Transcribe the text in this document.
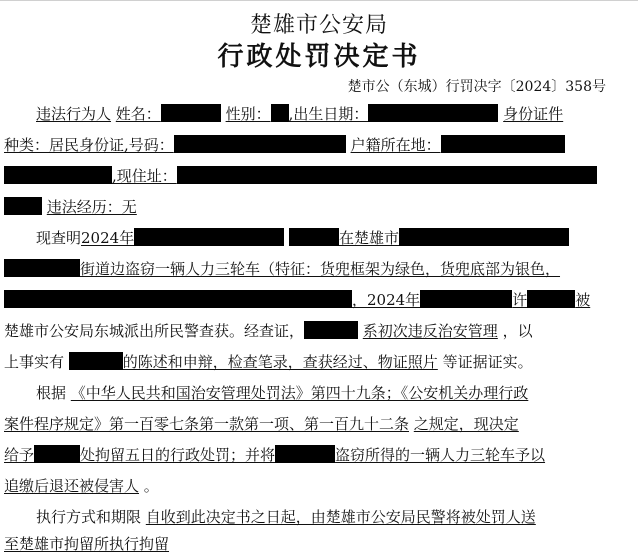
楚雄市公安局
行政处罚决定书
楚市公（东城）行罚决字〔2024〕358号
违法行为人 姓名：	性别： ,出生日期：	身份证件
种类：居民身份证,号码：	户籍所在地：
,现住址：
违法经历：无
现查明2024年	在楚雄市
街道边盗窃一辆人力三轮车（特征：货兜框架为绿色，货兜底部为银色，
，2024年	许	被
楚雄市公安局东城派出所民警查获。经查证，	系初次违反治安管理 ，以
上事实有	的陈述和申辩，检查笔录，查获经过、物证照片 等证据证实。
根据 《中华人民共和国治安管理处罚法》第四十九条；《公安机关办理行政
案件程序规定》第一百零七条第一款第一项、第一百九十二条 之规定，现决定
给予	处拘留五日的行政处罚；并将	盗窃所得的一辆人力三轮车予以
追缴后退还被侵害人 。
执行方式和期限 自收到此决定书之日起，由楚雄市公安局民警将被处罚人送
至楚雄市拘留所执行拘留
